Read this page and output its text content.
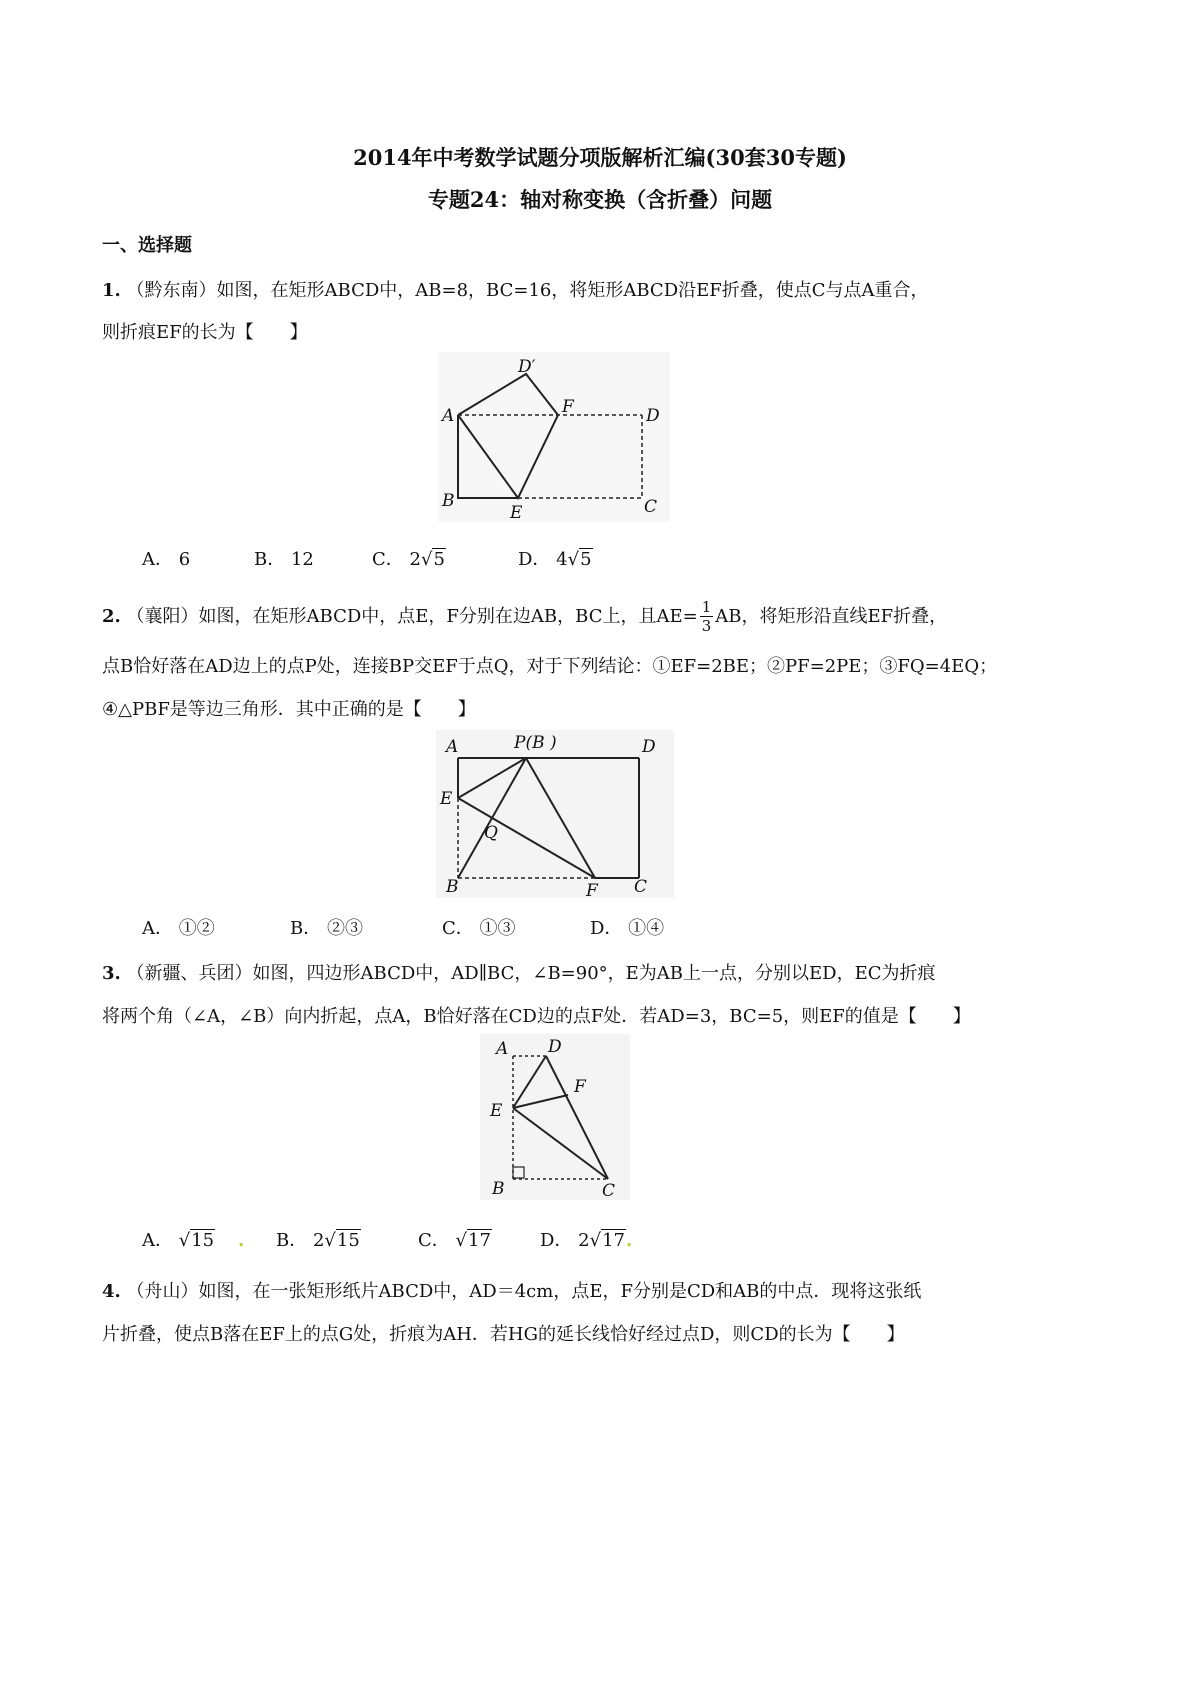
2014年中考数学试题分项版解析汇编(30套30专题)
专题24：轴对称变换（含折叠）问题
一、选择题
1. （黔东南）如图，在矩形ABCD中，AB=8，BC=16，将矩形ABCD沿EF折叠，使点C与点A重合，
则折痕EF的长为【　　】
D′
A	F	D
B
E	C
A． 6	B． 12	C． 2√5	D． 4√5
2. （襄阳）如图，在矩形ABCD中，点E，F分别在边AB，BC上，且$AE= \frac{1}{3}$ AB，将矩形沿直线EF折叠，
点B恰好落在AD边上的点P处，连接BP交EF于点Q，对于下列结论：①EF=2BE；②PF=2PE；③FQ=4EQ；
④△PBF是等边三角形．其中正确的是【　　】
A	P(B )	D
E
Q
B	F C
A． ①②	B． ②③	C． ①③	D． ①④
3. （新疆、兵团）如图，四边形ABCD中，AD∥BC，∠B=90°，E为AB上一点，分别以ED，EC为折痕
将两个角（∠A，∠B）向内折起，点A，B恰好落在CD边的点F处．若AD=3，BC=5，则EF的值是【　　】
A D
F
E
B	C
A． √15 . B． 2√15	C． √17	D． 2√17.
4. （舟山）如图，在一张矩形纸片ABCD中，AD＝4cm，点E，F分别是CD和AB的中点．现将这张纸
片折叠，使点B落在EF上的点G处，折痕为AH．若HG的延长线恰好经过点D，则CD的长为【　　】
